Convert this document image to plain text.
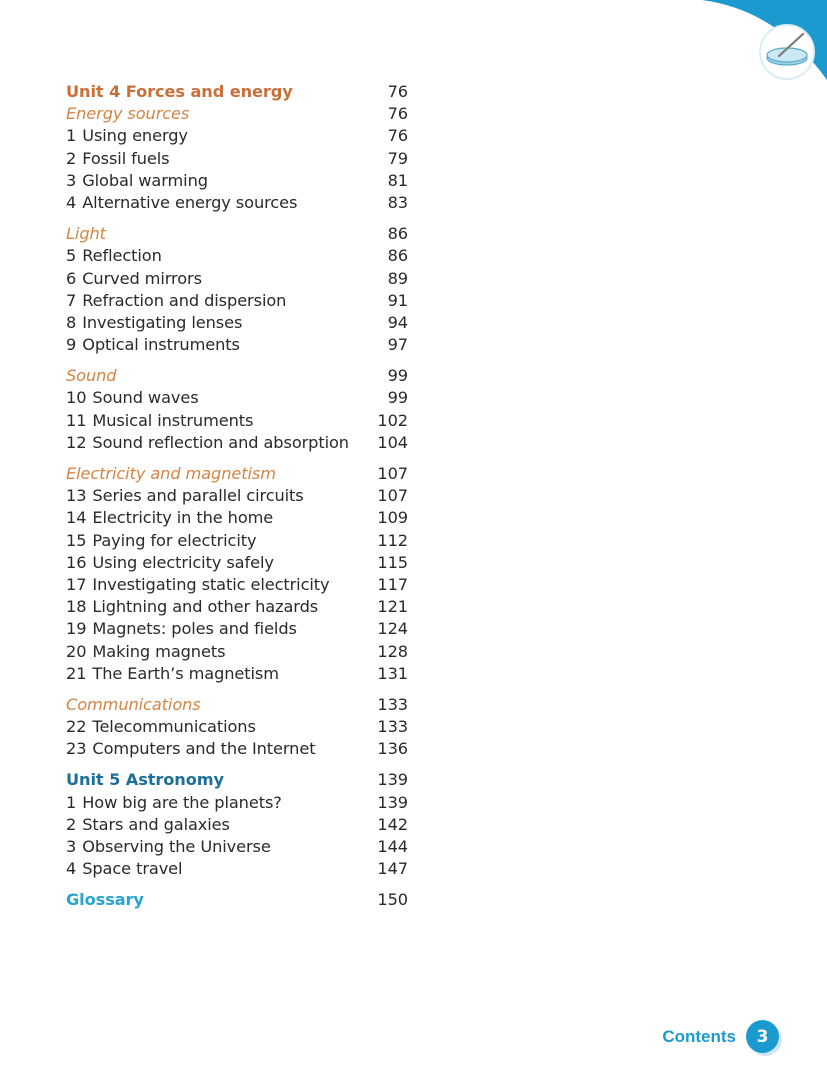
Unit 4 Forces and energy	76
Energy sources	76
1 Using energy	76
2 Fossil fuels	79
3 Global warming	81
4 Alternative energy sources	83
Light	86
5 Reflection	86
6 Curved mirrors	89
7 Refraction and dispersion	91
8 Investigating lenses	94
9 Optical instruments	97
Sound	99
10 Sound waves	99
11 Musical instruments	102
12 Sound reflection and absorption 104
Electricity and magnetism	107
13 Series and parallel circuits	107
14 Electricity in the home	109
15 Paying for electricity	112
16 Using electricity safely	115
17 Investigating static electricity	117
18 Lightning and other hazards	121
19 Magnets: poles and fields	124
20 Making magnets	128
21 The Earth’s magnetism	131
Communications	133
22 Telecommunications	133
23 Computers and the Internet	136
Unit 5 Astronomy	139
1 How big are the planets?	139
2 Stars and galaxies	142
3 Observing the Universe	144
4 Space travel	147
Glossary	150
Contents	3
